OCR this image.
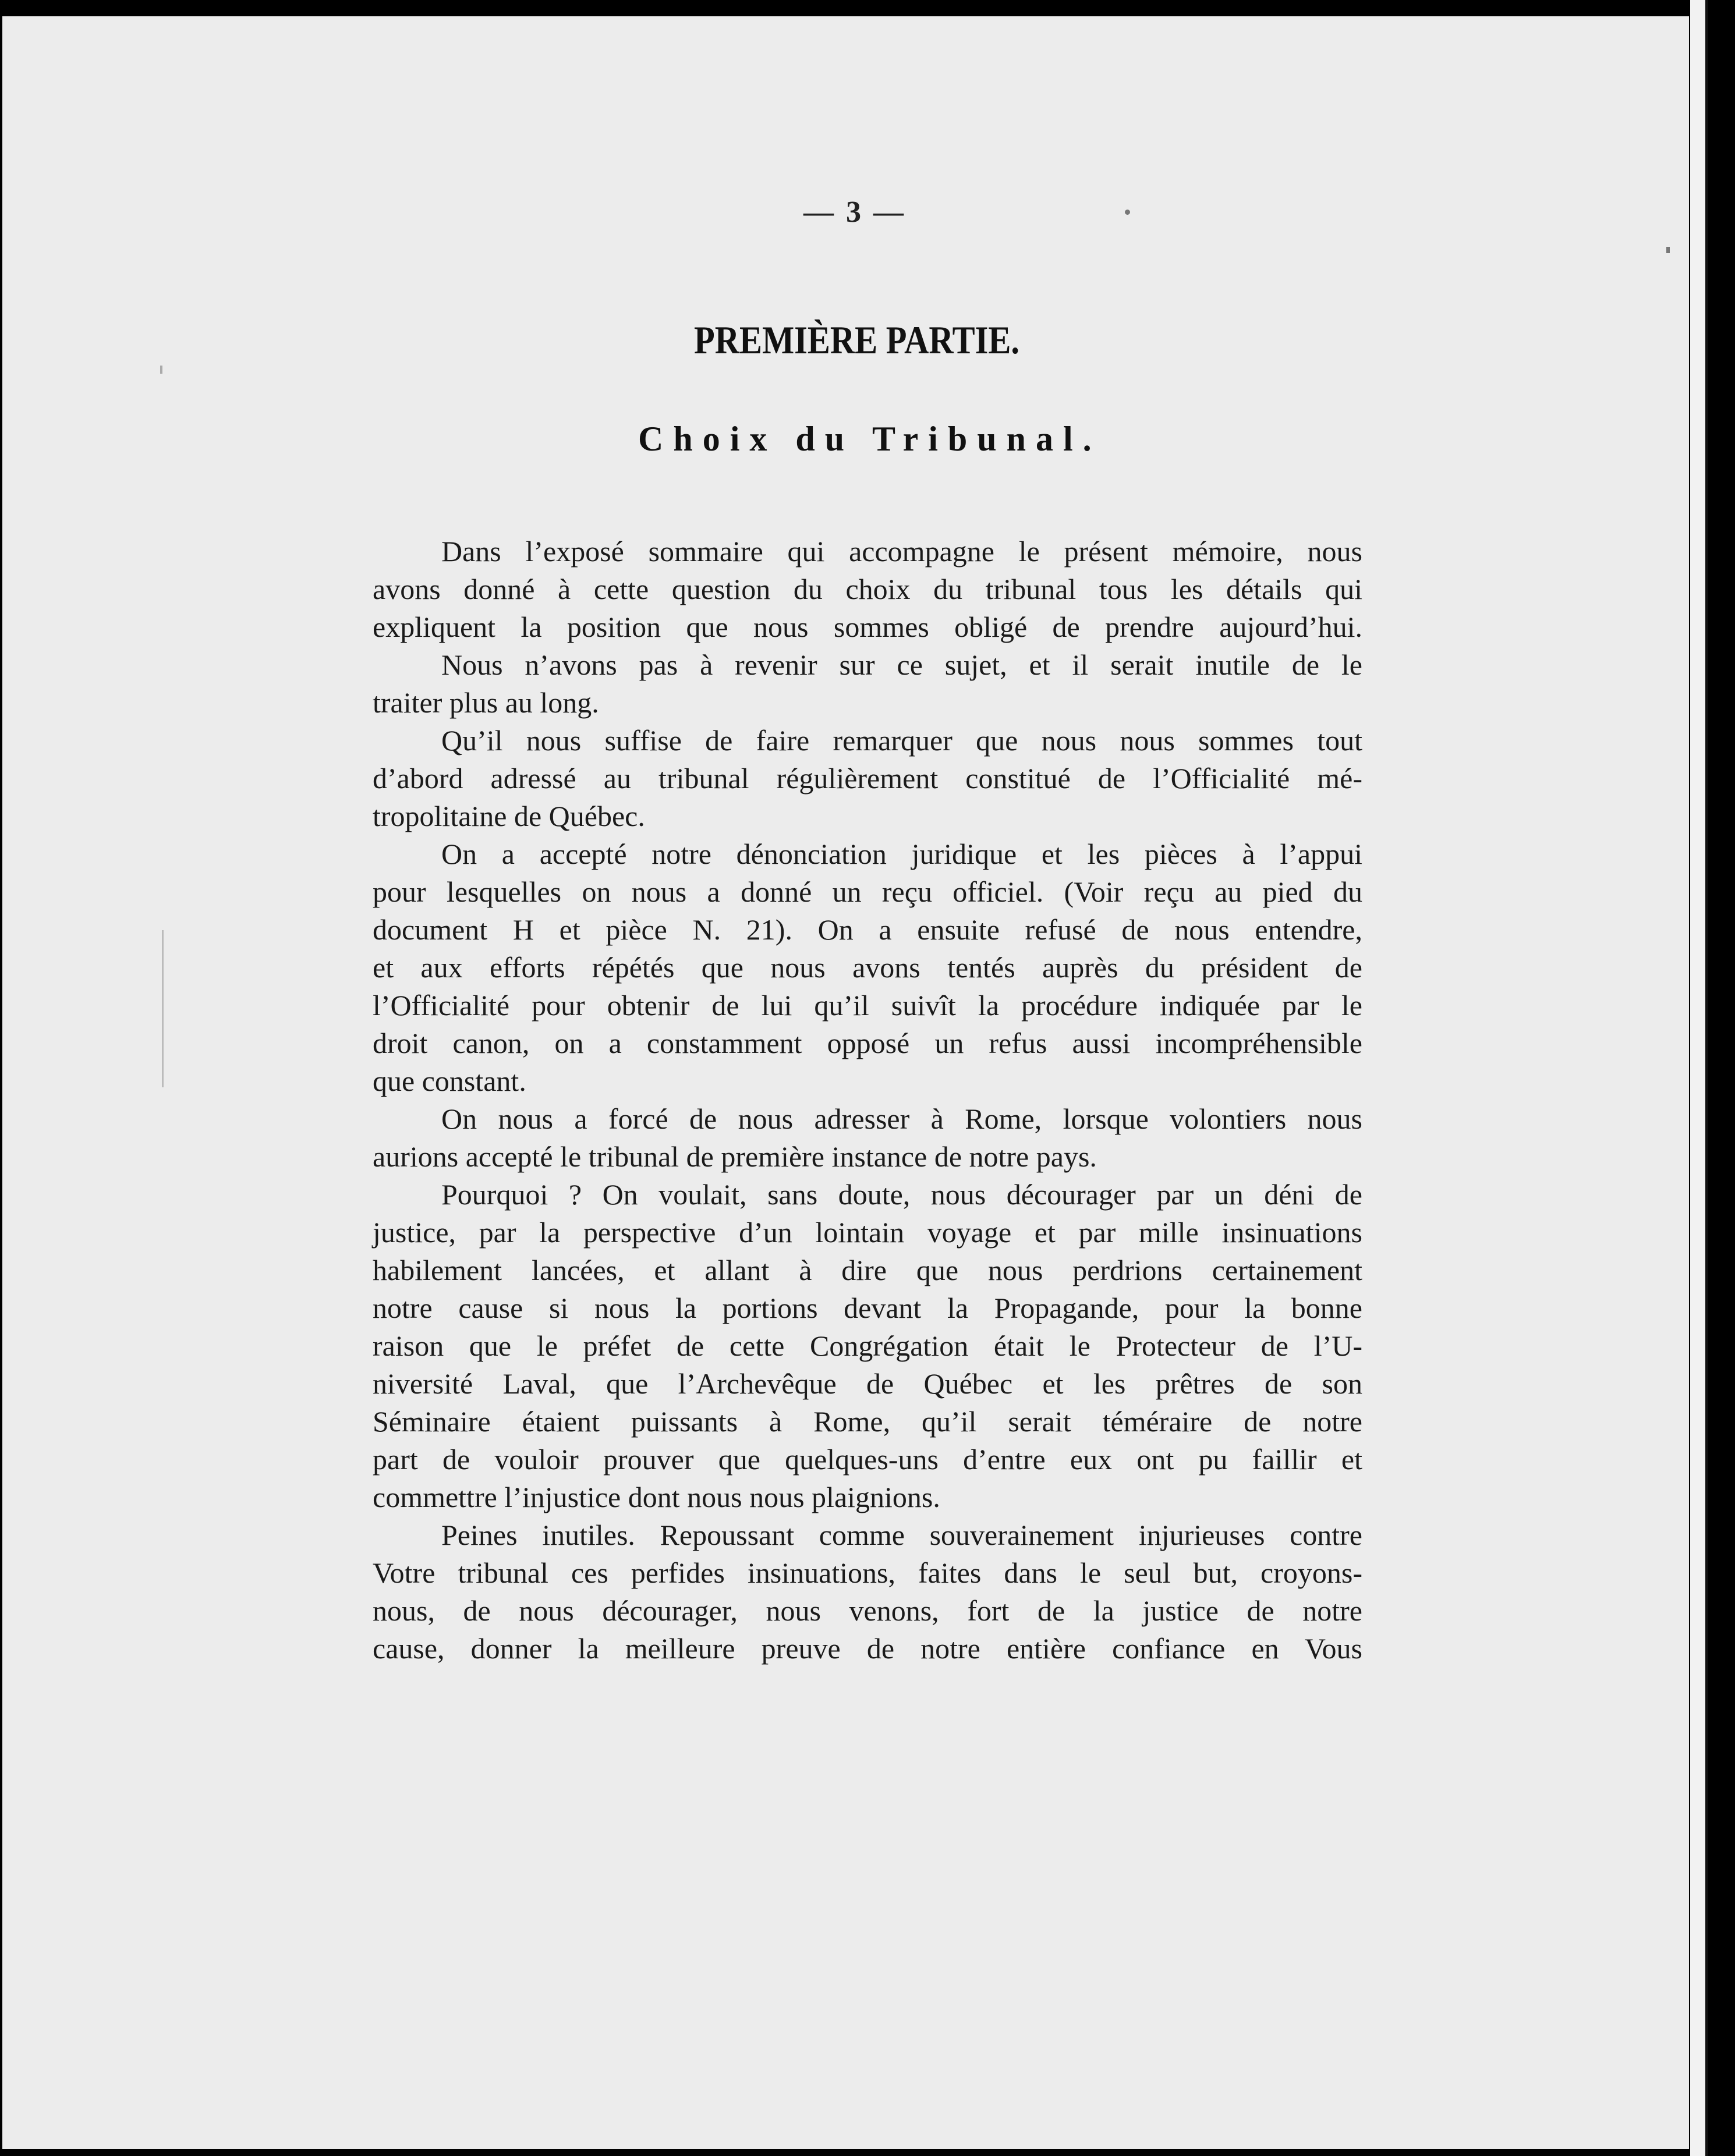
— 3 —
PREMIÈRE PARTIE.
Choix du Tribunal.
Dans l’exposé sommaire qui accompagne le présent mémoire, nous
avons donné à cette question du choix du tribunal tous les détails qui
expliquent la position que nous sommes obligé de prendre aujourd’hui.
Nous n’avons pas à revenir sur ce sujet, et il serait inutile de le
traiter plus au long.
Qu’il nous suffise de faire remarquer que nous nous sommes tout
d’abord adressé au tribunal régulièrement constitué de l’Officialité mé-
tropolitaine de Québec.
On a accepté notre dénonciation juridique et les pièces à l’appui
pour lesquelles on nous a donné un reçu officiel. (Voir reçu au pied du
document H et pièce N. 21). On a ensuite refusé de nous entendre,
et aux efforts répétés que nous avons tentés auprès du président de
l’Officialité pour obtenir de lui qu’il suivît la procédure indiquée par le
droit canon, on a constamment opposé un refus aussi incompréhensible
que constant.
On nous a forcé de nous adresser à Rome, lorsque volontiers nous
aurions accepté le tribunal de première instance de notre pays.
Pourquoi ? On voulait, sans doute, nous décourager par un déni de
justice, par la perspective d’un lointain voyage et par mille insinuations
habilement lancées, et allant à dire que nous perdrions certainement
notre cause si nous la portions devant la Propagande, pour la bonne
raison que le préfet de cette Congrégation était le Protecteur de l’U-
niversité Laval, que l’Archevêque de Québec et les prêtres de son
Séminaire étaient puissants à Rome, qu’il serait téméraire de notre
part de vouloir prouver que quelques-uns d’entre eux ont pu faillir et
commettre l’injustice dont nous nous plaignions.
Peines inutiles. Repoussant comme souverainement injurieuses contre
Votre tribunal ces perfides insinuations, faites dans le seul but, croyons-
nous, de nous décourager, nous venons, fort de la justice de notre
cause, donner la meilleure preuve de notre entière confiance en Vous
